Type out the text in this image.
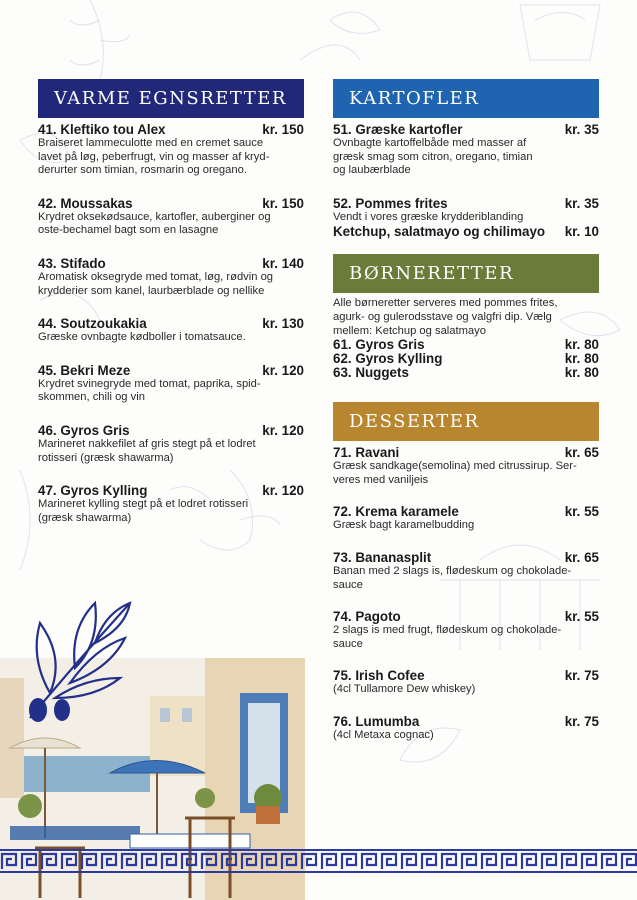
VARME EGNSRETTER
41. Kleftiko tou Alex	kr. 150
Braiseret lammeculotte med en cremet sauce
lavet på løg, peberfrugt, vin og masser af kryd-
derurter som timian, rosmarin og oregano.
42. Moussakas	kr. 150
Krydret oksekødsauce, kartofler, auberginer og
oste-bechamel bagt som en lasagne
43. Stifado	kr. 140
Aromatisk oksegryde med tomat, løg, rødvin og
krydderier som kanel, laurbærblade og nellike
44. Soutzoukakia	kr. 130
Græske ovnbagte kødboller i tomatsauce.
45. Bekri Meze	kr. 120
Krydret svinegryde med tomat, paprika, spid-
skommen, chili og vin
46. Gyros Gris	kr. 120
Marineret nakkefilet af gris stegt på et lodret
rotisseri (græsk shawarma)
47. Gyros Kylling	kr. 120
Marineret kylling stegt på et lodret rotisseri
(græsk shawarma)
KARTOFLER
51. Græske kartofler	kr. 35
Ovnbagte kartoffelbåde med masser af
græsk smag som citron, oregano, timian
og laubærblade
52. Pommes frites	kr. 35
Vendt i vores græske krydderiblanding
Ketchup, salatmayo og chilimayo kr. 10
BØRNERETTER
Alle børneretter serveres med pommes frites,
agurk- og gulerodsstave og valgfri dip. Vælg
mellem: Ketchup og salatmayo
61. Gyros Gris	kr. 80
62. Gyros Kylling	kr. 80
63. Nuggets	kr. 80
DESSERTER
71. Ravani	kr. 65
Græsk sandkage(semolina) med citrussirup. Ser-
veres med vaniljeis
72. Krema karamele	kr. 55
Græsk bagt karamelbudding
73. Bananasplit	kr. 65
Banan med 2 slags is, flødeskum og chokolade-
sauce
74. Pagoto	kr. 55
2 slags is med frugt, flødeskum og chokolade-
sauce
75. Irish Cofee	kr. 75
(4cl Tullamore Dew whiskey)
76. Lumumba	kr. 75
(4cl Metaxa cognac)
